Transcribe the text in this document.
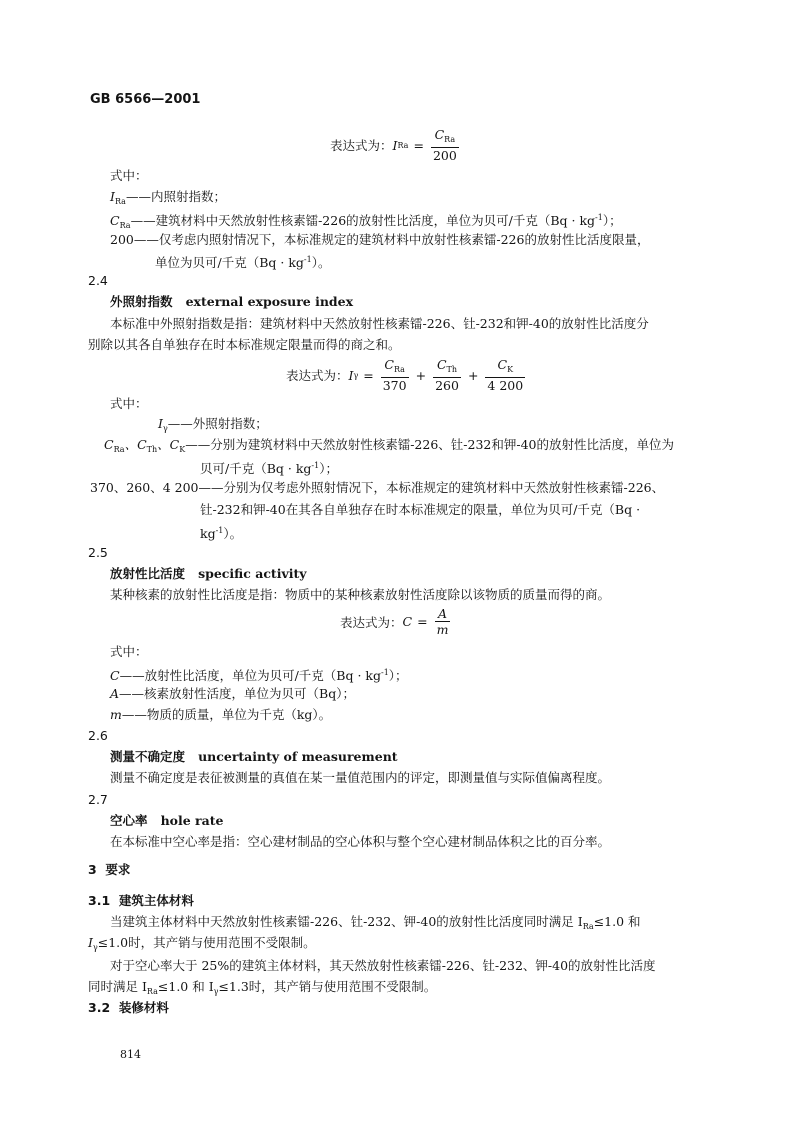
GB 6566—2001
表达式为： I $Ra = \frac{C_{Ra}}{200}$
式中：
$I_{Ra}——$内照射指数；
$C_{Ra}——$建筑材料中天然放射性核素镭-226的放射性比活度，单位为贝可/千克$(Bq \cdot kg^{-1})$；
200——仅考虑内照射情况下，本标准规定的建筑材料中放射性核素镭-226的放射性比活度限量，
单位为贝可/千克$(Bq \cdot kg^{-1})$。
2.4
外照射指数 external exposure index
本标准中外照射指数是指：建筑材料中天然放射性核素镭-226、钍-232和钾-40的放射性比活度分
别除以其各自单独存在时本标准规定限量而得的商之和。
表达式为： I $\gamma = \frac{C_{Ra}}{370} + \frac{C_{Th}}{260} + \frac{C_K}{4 200}$
式中：
$I_\gamma——$外照射指数；
$C_{Ra}$、$C_{Th}$、$C_K——$分别为建筑材料中天然放射性核素镭-226、钍-232和钾-40的放射性比活度，单位为
贝可/千克$(Bq \cdot kg^{-1})$；
370、260、4 200——分别为仅考虑外照射情况下，本标准规定的建筑材料中天然放射性核素镭-226、
钍-232和钾-40在其各自单独存在时本标准规定的限量，单位为贝可/千克（Bq ·
$kg^{-1}$）。
2.5
放射性比活度 specific activity
某种核素的放射性比活度是指：物质中的某种核素放射性活度除以该物质的质量而得的商。
表达式为： $C = \frac{A}{m}$
式中：
C——放射性比活度，单位为贝可/千克$(Bq \cdot kg^{-1})$；
A——核素放射性活度，单位为贝可（Bq）；
m——物质的质量，单位为千克（kg）。
2.6
测量不确定度 uncertainty of measurement
测量不确定度是表征被测量的真值在某一量值范围内的评定，即测量值与实际值偏离程度。
2.7
空心率 hole rate
在本标准中空心率是指：空心建材制品的空心体积与整个空心建材制品体积之比的百分率。
3 要求
3.1 建筑主体材料
当建筑主体材料中天然放射性核素镭-226、钍-232、钾-40的放射性比活度同时满足 $I_{Ra}\le 1.0$ 和
$I_\gamma\le 1.0$时，其产销与使用范围不受限制。
对于空心率大于 25%的建筑主体材料，其天然放射性核素镭-226、钍-232、钾-40的放射性比活度
同时满足 $I_{Ra}\le 1.0$ 和 $I_\gamma\le 1.3$时，其产销与使用范围不受限制。
3.2 装修材料
814
